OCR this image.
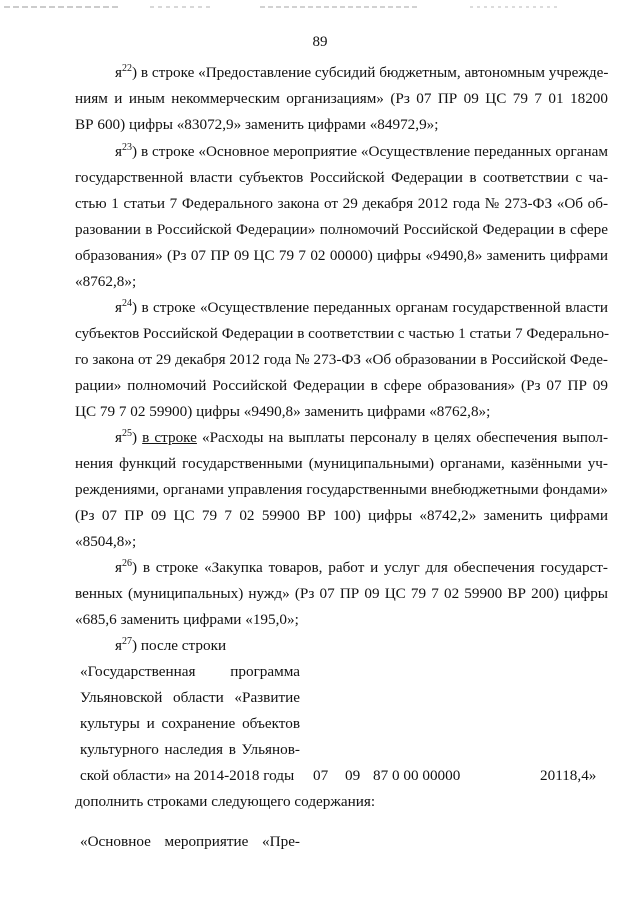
89
я$^{22}$) в строке «Предоставление субсидий бюджетным, автономным учрежде-
ниям и иным некоммерческим организациям» (Рз 07 ПР 09 ЦС 79 7 01 18200
ВР 600) цифры «83072,9» заменить цифрами «84972,9»;
я$^{23}$) в строке «Основное мероприятие «Осуществление переданных органам
государственной власти субъектов Российской Федерации в соответствии с ча-
стью 1 статьи 7 Федерального закона от 29 декабря 2012 года № 273-ФЗ «Об об-
разовании в Российской Федерации» полномочий Российской Федерации в сфере
образования» (Рз 07 ПР 09 ЦС 79 7 02 00000) цифры «9490,8» заменить цифрами
«8762,8»;
я$^{24}$) в строке «Осуществление переданных органам государственной власти
субъектов Российской Федерации в соответствии с частью 1 статьи 7 Федерально-
го закона от 29 декабря 2012 года № 273-ФЗ «Об образовании в Российской Феде-
рации» полномочий Российской Федерации в сфере образования» (Рз 07 ПР 09
ЦС 79 7 02 59900) цифры «9490,8» заменить цифрами «8762,8»;
я$^{25}$) в строке «Расходы на выплаты персоналу в целях обеспечения выпол-
нения функций государственными (муниципальными) органами, казёнными уч-
реждениями, органами управления государственными внебюджетными фондами»
(Рз 07 ПР 09 ЦС 79 7 02 59900 ВР 100) цифры «8742,2» заменить цифрами
«8504,8»;
я$^{26}$) в строке «Закупка товаров, работ и услуг для обеспечения государст-
венных (муниципальных) нужд» (Рз 07 ПР 09 ЦС 79 7 02 59900 ВР 200) цифры
«685,6 заменить цифрами «195,0»;
я$^{27}$) после строки
«Государственная программа
Ульяновской области «Развитие
культуры и сохранение объектов
культурного наследия в Ульянов-
ской области» на 2014-2018 годы 07 09 87 0 00 00000	20118,4»
дополнить строками следующего содержания:
«Основное мероприятие «Пре-
